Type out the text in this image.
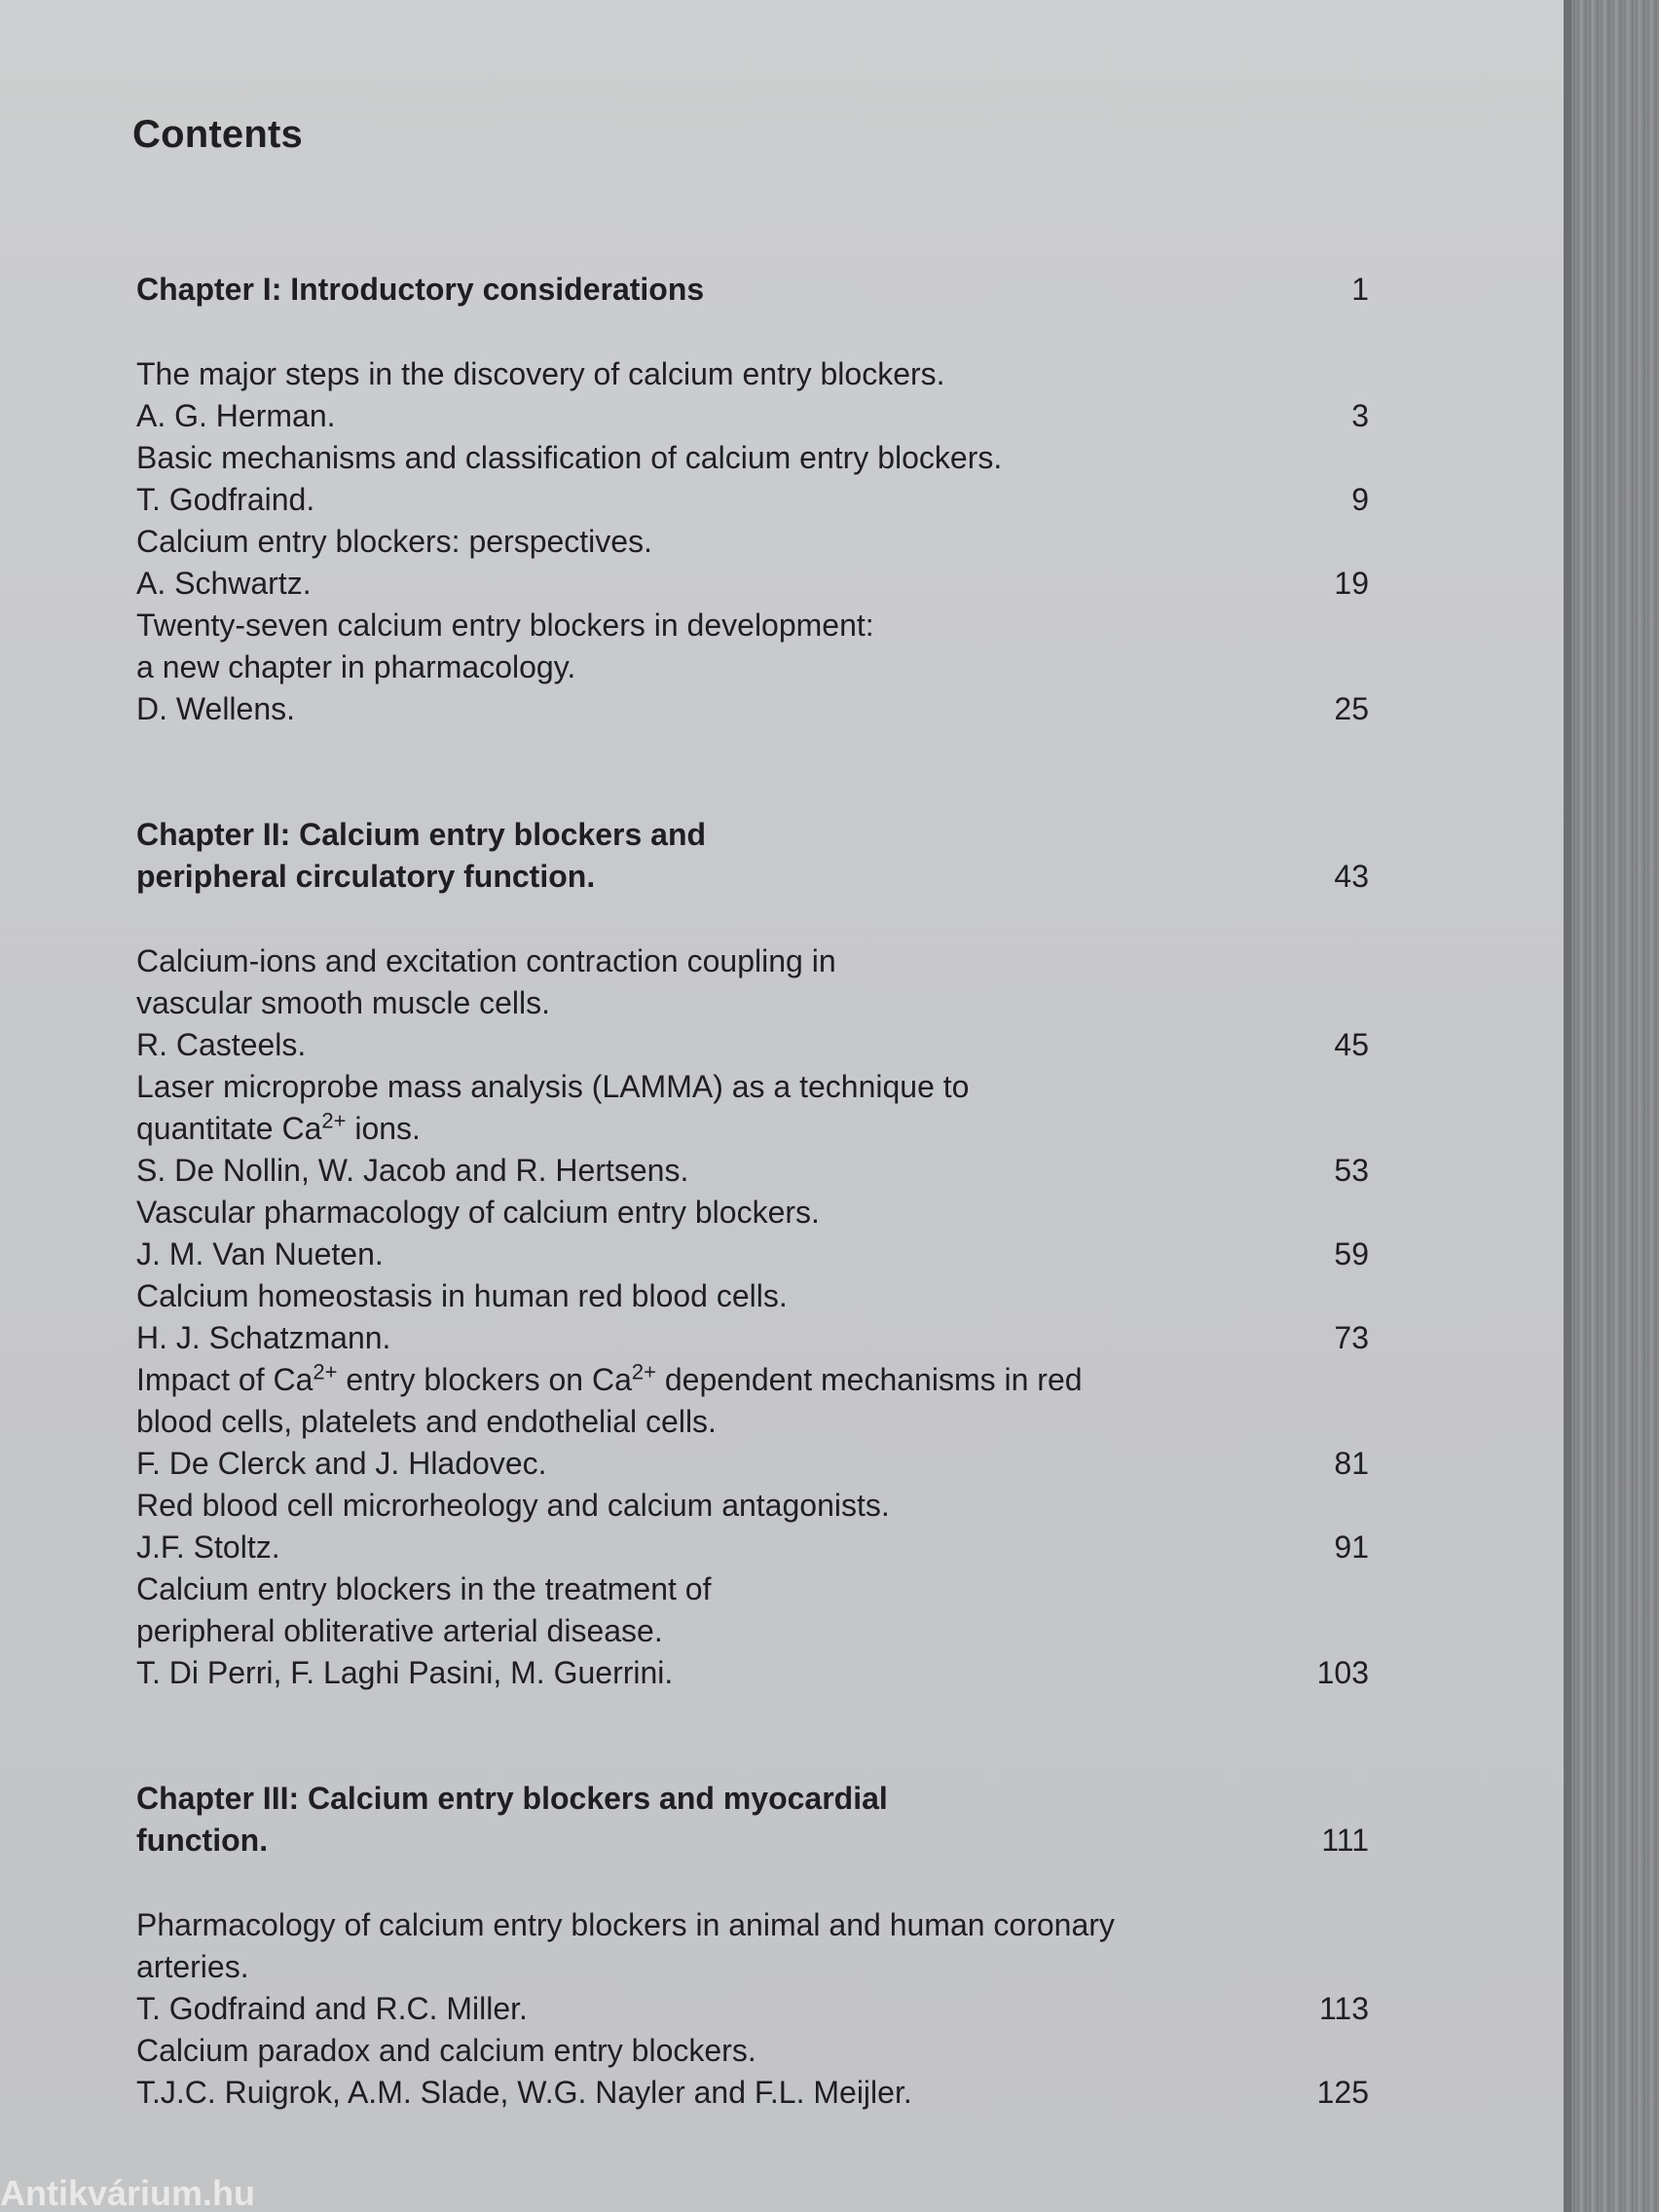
Contents
Chapter I: Introductory considerations	1
The major steps in the discovery of calcium entry blockers.
A. G. Herman.	3
Basic mechanisms and classification of calcium entry blockers.
T. Godfraind.	9
Calcium entry blockers: perspectives.
A. Schwartz.	19
Twenty-seven calcium entry blockers in development:
a new chapter in pharmacology.
D. Wellens.	25
Chapter II: Calcium entry blockers and
peripheral circulatory function.	43
Calcium-ions and excitation contraction coupling in
vascular smooth muscle cells.
R. Casteels.	45
Laser microprobe mass analysis (LAMMA) as a technique to
quantitate $Ca^{2+}$ ions.
S. De Nollin, W. Jacob and R. Hertsens.	53
Vascular pharmacology of calcium entry blockers.
J. M. Van Nueten.	59
Calcium homeostasis in human red blood cells.
H. J. Schatzmann.	73
Impact of $Ca^{2+}$ entry blockers on $Ca^{2+}$ dependent mechanisms in red
blood cells, platelets and endothelial cells.
F. De Clerck and J. Hladovec.	81
Red blood cell microrheology and calcium antagonists.
J.F. Stoltz.	91
Calcium entry blockers in the treatment of
peripheral obliterative arterial disease.
T. Di Perri, F. Laghi Pasini, M. Guerrini.	103
Chapter III: Calcium entry blockers and myocardial function.	111
Pharmacology of calcium entry blockers in animal and human coronary
arteries.
T. Godfraind and R.C. Miller.	113
Calcium paradox and calcium entry blockers.
T.J.C. Ruigrok, A.M. Slade, W.G. Nayler and F.L. Meijler.	125
Antikvárium.hu
